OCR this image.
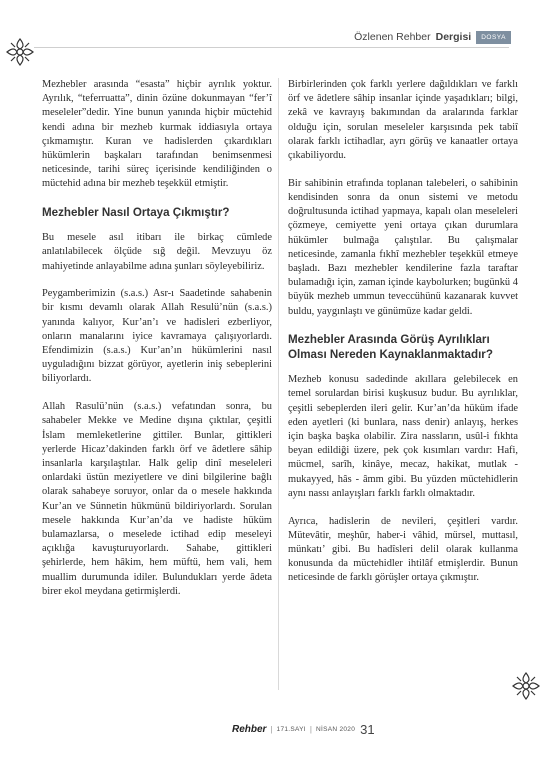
Özlenen Rehber Dergisi	DOSYA

Mezhebler arasında “esasta” hiçbir ayrılık yoktur. Ayrılık, “teferruatta”, dinin özüne dokunmayan “fer’î meseleler”dedir. Yine bunun yanında hiçbir müctehid kendi adına bir mezheb kurmak iddiasıyla ortaya çıkmamıştır. Kuran ve hadislerden çıkardıkları hükümlerin başkaları tarafından benimsenmesi neticesinde, tarihi süreç içerisinde kendiliğinden o müctehid adına bir mezheb teşekkül etmiştir.

Mezhebler Nasıl Ortaya Çıkmıştır?

Bu mesele asıl itibarı ile birkaç cümlede anlatılabilecek ölçüde sığ değil. Mevzuyu öz mahiyetinde anlayabilme adına şunları söyleyebiliriz.

Peygamberimizin (s.a.s.) Asr-ı Saadetinde sahabenin bir kısmı devamlı olarak Allah Resulü’nün (s.a.s.) yanında kalıyor, Kur’an’ı ve hadisleri ezberliyor, onların manalarını iyice kavramaya çalışıyorlardı. Efendimizin (s.a.s.) Kur’an’ın hükümlerini nasıl uyguladığını bizzat görüyor, ayetlerin iniş sebeplerini biliyorlardı.

Allah Rasulü’nün (s.a.s.) vefatından sonra, bu sahabeler Mekke ve Medine dışına çıktılar, çeşitli İslam memleketlerine gittiler. Bunlar, gittikleri yerlerde Hicaz’dakinden farklı örf ve âdetlere sâhip insanlarla karşılaştılar. Halk gelip dinî meseleleri onlardaki üstün meziyetlere ve dini bilgilerine bağlı olarak sahabeye soruyor, onlar da o mesele hakkında Kur’an ve Sünnetin hükmünü bildiriyorlardı. Sorulan mesele hakkında Kur’an’da ve hadiste hüküm bulamazlarsa, o meselede ictihad edip meseleyi açıklığa kavuşturuyorlardı. Sahabe, gittikleri şehirlerde, hem hâkim, hem müftü, hem vali, hem muallim durumunda idiler. Bulundukları yerde âdeta birer ekol meydana getirmişlerdi.

Birbirlerinden çok farklı yerlere dağıldıkları ve farklı örf ve âdetlere sâhip insanlar içinde yaşadıkları; bilgi, zekâ ve kavrayış bakımından da aralarında farklar olduğu için, sorulan meseleler karşısında pek tabiî olarak farklı ictihadlar, ayrı görüş ve kanaatler ortaya çıkabiliyordu.

Bir sahibinin etrafında toplanan talebeleri, o sahibinin kendisinden sonra da onun sistemi ve metodu doğrultusunda ictihad yapmaya, kapalı olan meseleleri çözmeye, cemiyette yeni ortaya çıkan durumlara hükümler bulmağa çalıştılar. Bu çalışmalar neticesinde, zamanla fıkhî mezhebler teşekkül etmeye başladı. Bazı mezhebler kendilerine fazla taraftar bulamadığı için, zaman içinde kaybolurken; bugünkü 4 büyük mezheb ummun teveccühünü kazanarak kuvvet buldu, yaygınlaştı ve günümüze kadar geldi.

Mezhebler Arasında Görüş Ayrılıkları Olması Nereden Kaynaklanmaktadır?

Mezheb konusu sadedinde akıllara gelebilecek en temel sorulardan birisi kuşkusuz budur. Bu ayrılıklar, çeşitli sebeplerden ileri gelir. Kur’an’da hüküm ifade eden ayetleri (ki bunlara, nass denir) anlayış, herkes için başka başka olabilir. Zira nassların, usûl-i fıkhta beyan edildiği üzere, pek çok kısımları vardır: Hafi, mücmel, sarîh, kinâye, mecaz, hakikat, mutlak - mukayyed, hâs - âmm gibi. Bu yüzden müctehidlerin aynı nassı anlayışları farklı farklı olmaktadır.

Ayrıca, hadislerin de nevileri, çeşitleri vardır. Mütevâtir, meşhûr, haber-i vâhid, mürsel, muttasıl, münkatı’ gibi. Bu hadîsleri delil olarak kullanma konusunda da müctehidler ihtilâf etmişlerdir. Bunun neticesinde de farklı görüşler ortaya çıkmıştır.

Rehber | 171.SAYI | NİSAN 2020 31
